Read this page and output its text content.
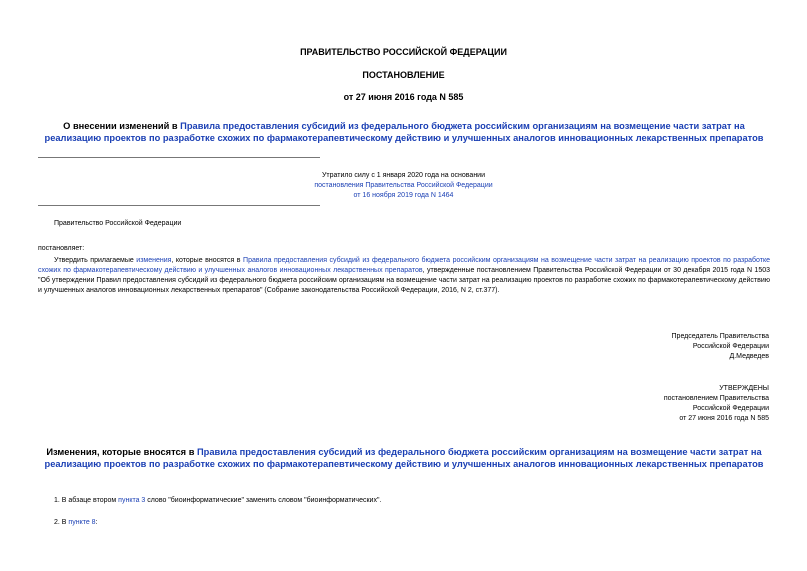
ПРАВИТЕЛЬСТВО РОССИЙСКОЙ ФЕДЕРАЦИИ
ПОСТАНОВЛЕНИЕ
от 27 июня 2016 года N 585
О внесении изменений в Правила предоставления субсидий из федерального бюджета российским организациям на возмещение части затрат на реализацию проектов по разработке схожих по фармакотерапевтическому действию и улучшенных аналогов инновационных лекарственных препаратов
Утратило силу с 1 января 2020 года на основании
постановления Правительства Российской Федерации
от 16 ноября 2019 года N 1464
Правительство Российской Федерации
постановляет:
Утвердить прилагаемые изменения, которые вносятся в Правила предоставления субсидий из федерального бюджета российским организациям на возмещение части затрат на реализацию проектов по разработке схожих по фармакотерапевтическому действию и улучшенных аналогов инновационных лекарственных препаратов, утвержденные постановлением Правительства Российской Федерации от 30 декабря 2015 года N 1503 "Об утверждении Правил предоставления субсидий из федерального бюджета российским организациям на возмещение части затрат на реализацию проектов по разработке схожих по фармакотерапевтическому действию и улучшенных аналогов инновационных лекарственных препаратов" (Собрание законодательства Российской Федерации, 2016, N 2, ст.377).
Председатель Правительства
Российской Федерации
Д.Медведев
УТВЕРЖДЕНЫ
постановлением Правительства
Российской Федерации
от 27 июня 2016 года N 585
Изменения, которые вносятся в Правила предоставления субсидий из федерального бюджета российским организациям на возмещение части затрат на реализацию проектов по разработке схожих по фармакотерапевтическому действию и улучшенных аналогов инновационных лекарственных препаратов
1. В абзаце втором пункта 3 слово "биоинформатические" заменить словом "биоинформатических".
2. В пункте 8:
